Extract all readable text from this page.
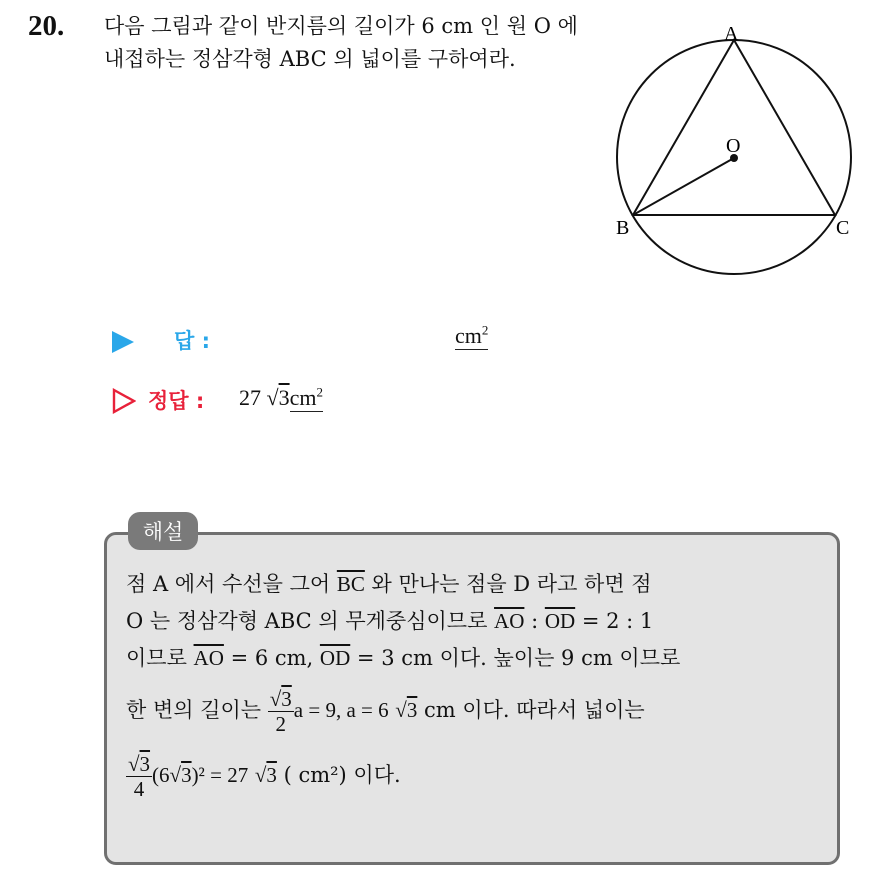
20. 다음 그림과 같이 반지름의 길이가 6 cm 인 원 O 에 내접하는 정삼각형 ABC 의 넓이를 구하여라.
A
O
B	C
답 :	$cm^2$
정답 : 27 $√3cm^2$
해설
점 A 에서 수선을 그어 $\overline{BC}$ 와 만나는 점을 D 라고 하면 점
O 는 정삼각형 ABC 의 무게중심이므로 $\overline{AO}$ : $\overline{OD} = 2$ : 1
이므로 $\overline{AO} = 6$ cm, $\overline{OD} = 3$ cm 이다. 높이는 9 cm 이므로
한 변의 길이는 $\frac{√3}{2}$ a = 9, a = 6 √3 cm 이다. 따라서 넓이는
$\frac{√3}{4} (6√3)^2 = 27$ √3 ( cm²) 이다.
